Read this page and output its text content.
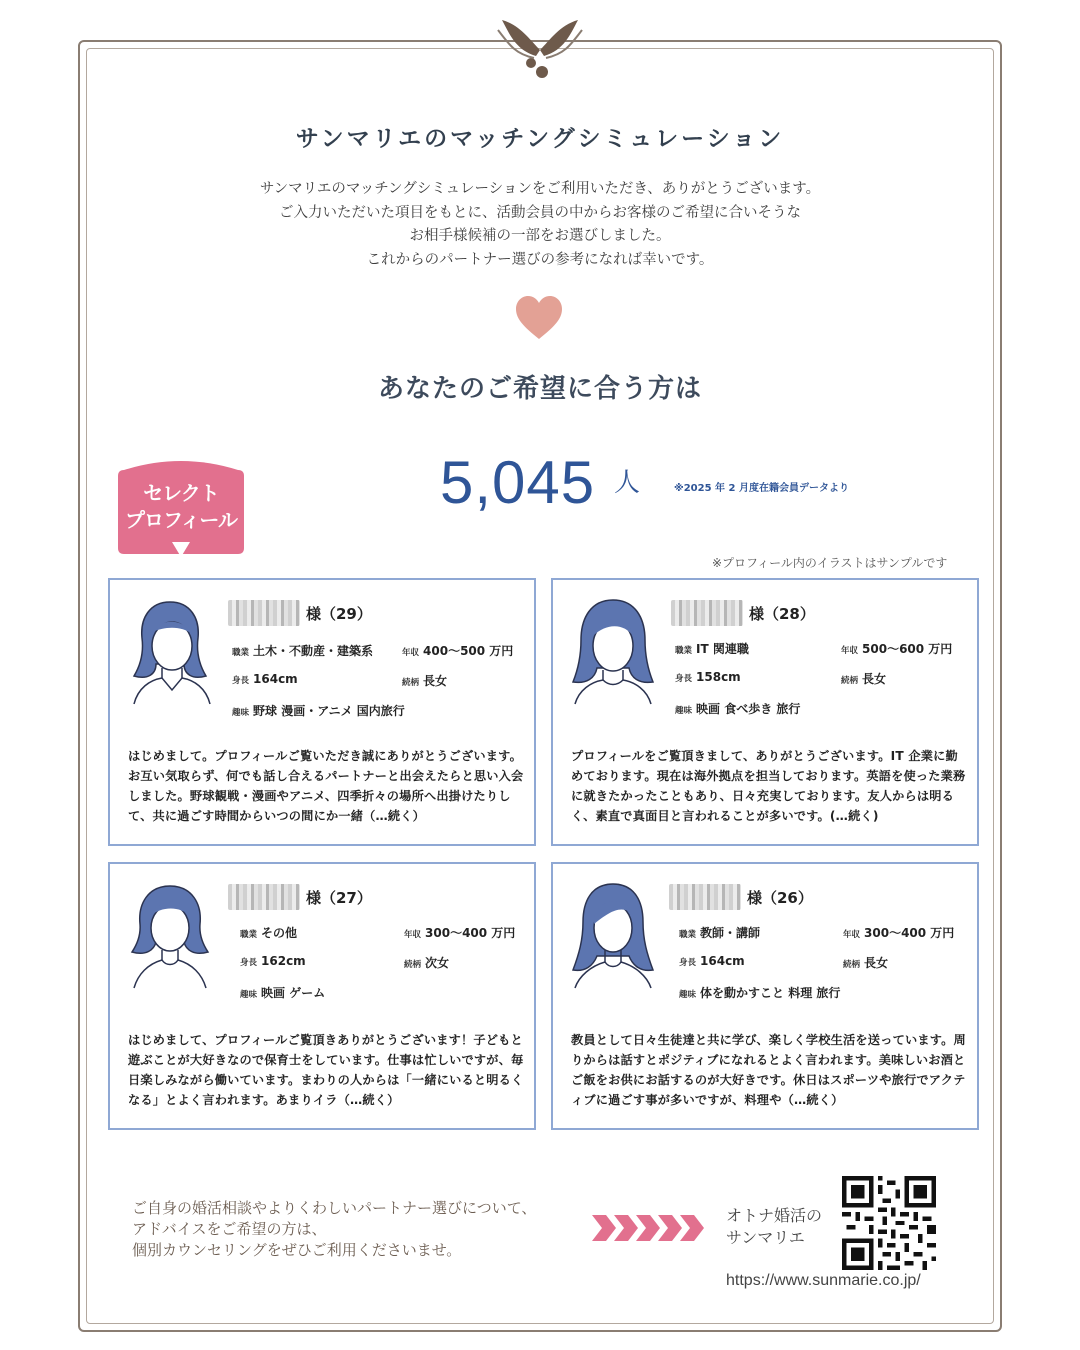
サンマリエのマッチングシミュレーション
サンマリエのマッチングシミュレーションをご利用いただき、ありがとうございます。
ご入力いただいた項目をもとに、活動会員の中からお客様のご希望に合いそうな
お相手様候補の一部をお選びしました。
これからのパートナー選びの参考になれば幸いです。
あなたのご希望に合う方は
5,045 人	※2025 年 2 月度在籍会員データより
セレクト
プロフィール
※プロフィール内のイラストはサンプルです
様（29）
職業 土木・不動産・建築系	年収 400～500 万円
身長 164cm	続柄 長女
趣味 野球 漫画・アニメ 国内旅行
はじめまして。プロフィールご覧いただき誠にありがとうございます。お互い気取らず、何でも話し合えるパートナーと出会えたらと思い入会しました。野球観戦・漫画やアニメ、四季折々の場所へ出掛けたりして、共に過ごす時間からいつの間にか一緒（…続く）
様（28）
職業 IT 関連職	年収 500～600 万円
身長 158cm	続柄 長女
趣味 映画 食べ歩き 旅行
プロフィールをご覧頂きまして、ありがとうございます。IT 企業に勤めております。現在は海外拠点を担当しております。英語を使った業務に就きたかったこともあり、日々充実しております。友人からは明るく、素直で真面目と言われることが多いです。(…続く)
様（27）
職業 その他	年収 300～400 万円
身長 162cm	続柄 次女
趣味 映画 ゲーム
はじめまして、プロフィールご覧頂きありがとうございます！子どもと遊ぶことが大好きなので保育士をしています。仕事は忙しいですが、毎日楽しみながら働いています。まわりの人からは「一緒にいると明るくなる」とよく言われます。あまりイラ（…続く）
様（26）
職業 教師・講師	年収 300～400 万円
身長 164cm	続柄 長女
趣味 体を動かすこと 料理 旅行
教員として日々生徒達と共に学び、楽しく学校生活を送っています。周りからは話すとポジティブになれるとよく言われます。美味しいお酒とご飯をお供にお話するのが大好きです。休日はスポーツや旅行でアクティブに過ごす事が多いですが、料理や（…続く）
ご自身の婚活相談やよりくわしいパートナー選びについて、
アドバイスをご希望の方は、
個別カウンセリングをぜひご利用くださいませ。
オトナ婚活の
サンマリエ
https://www.sunmarie.co.jp/
